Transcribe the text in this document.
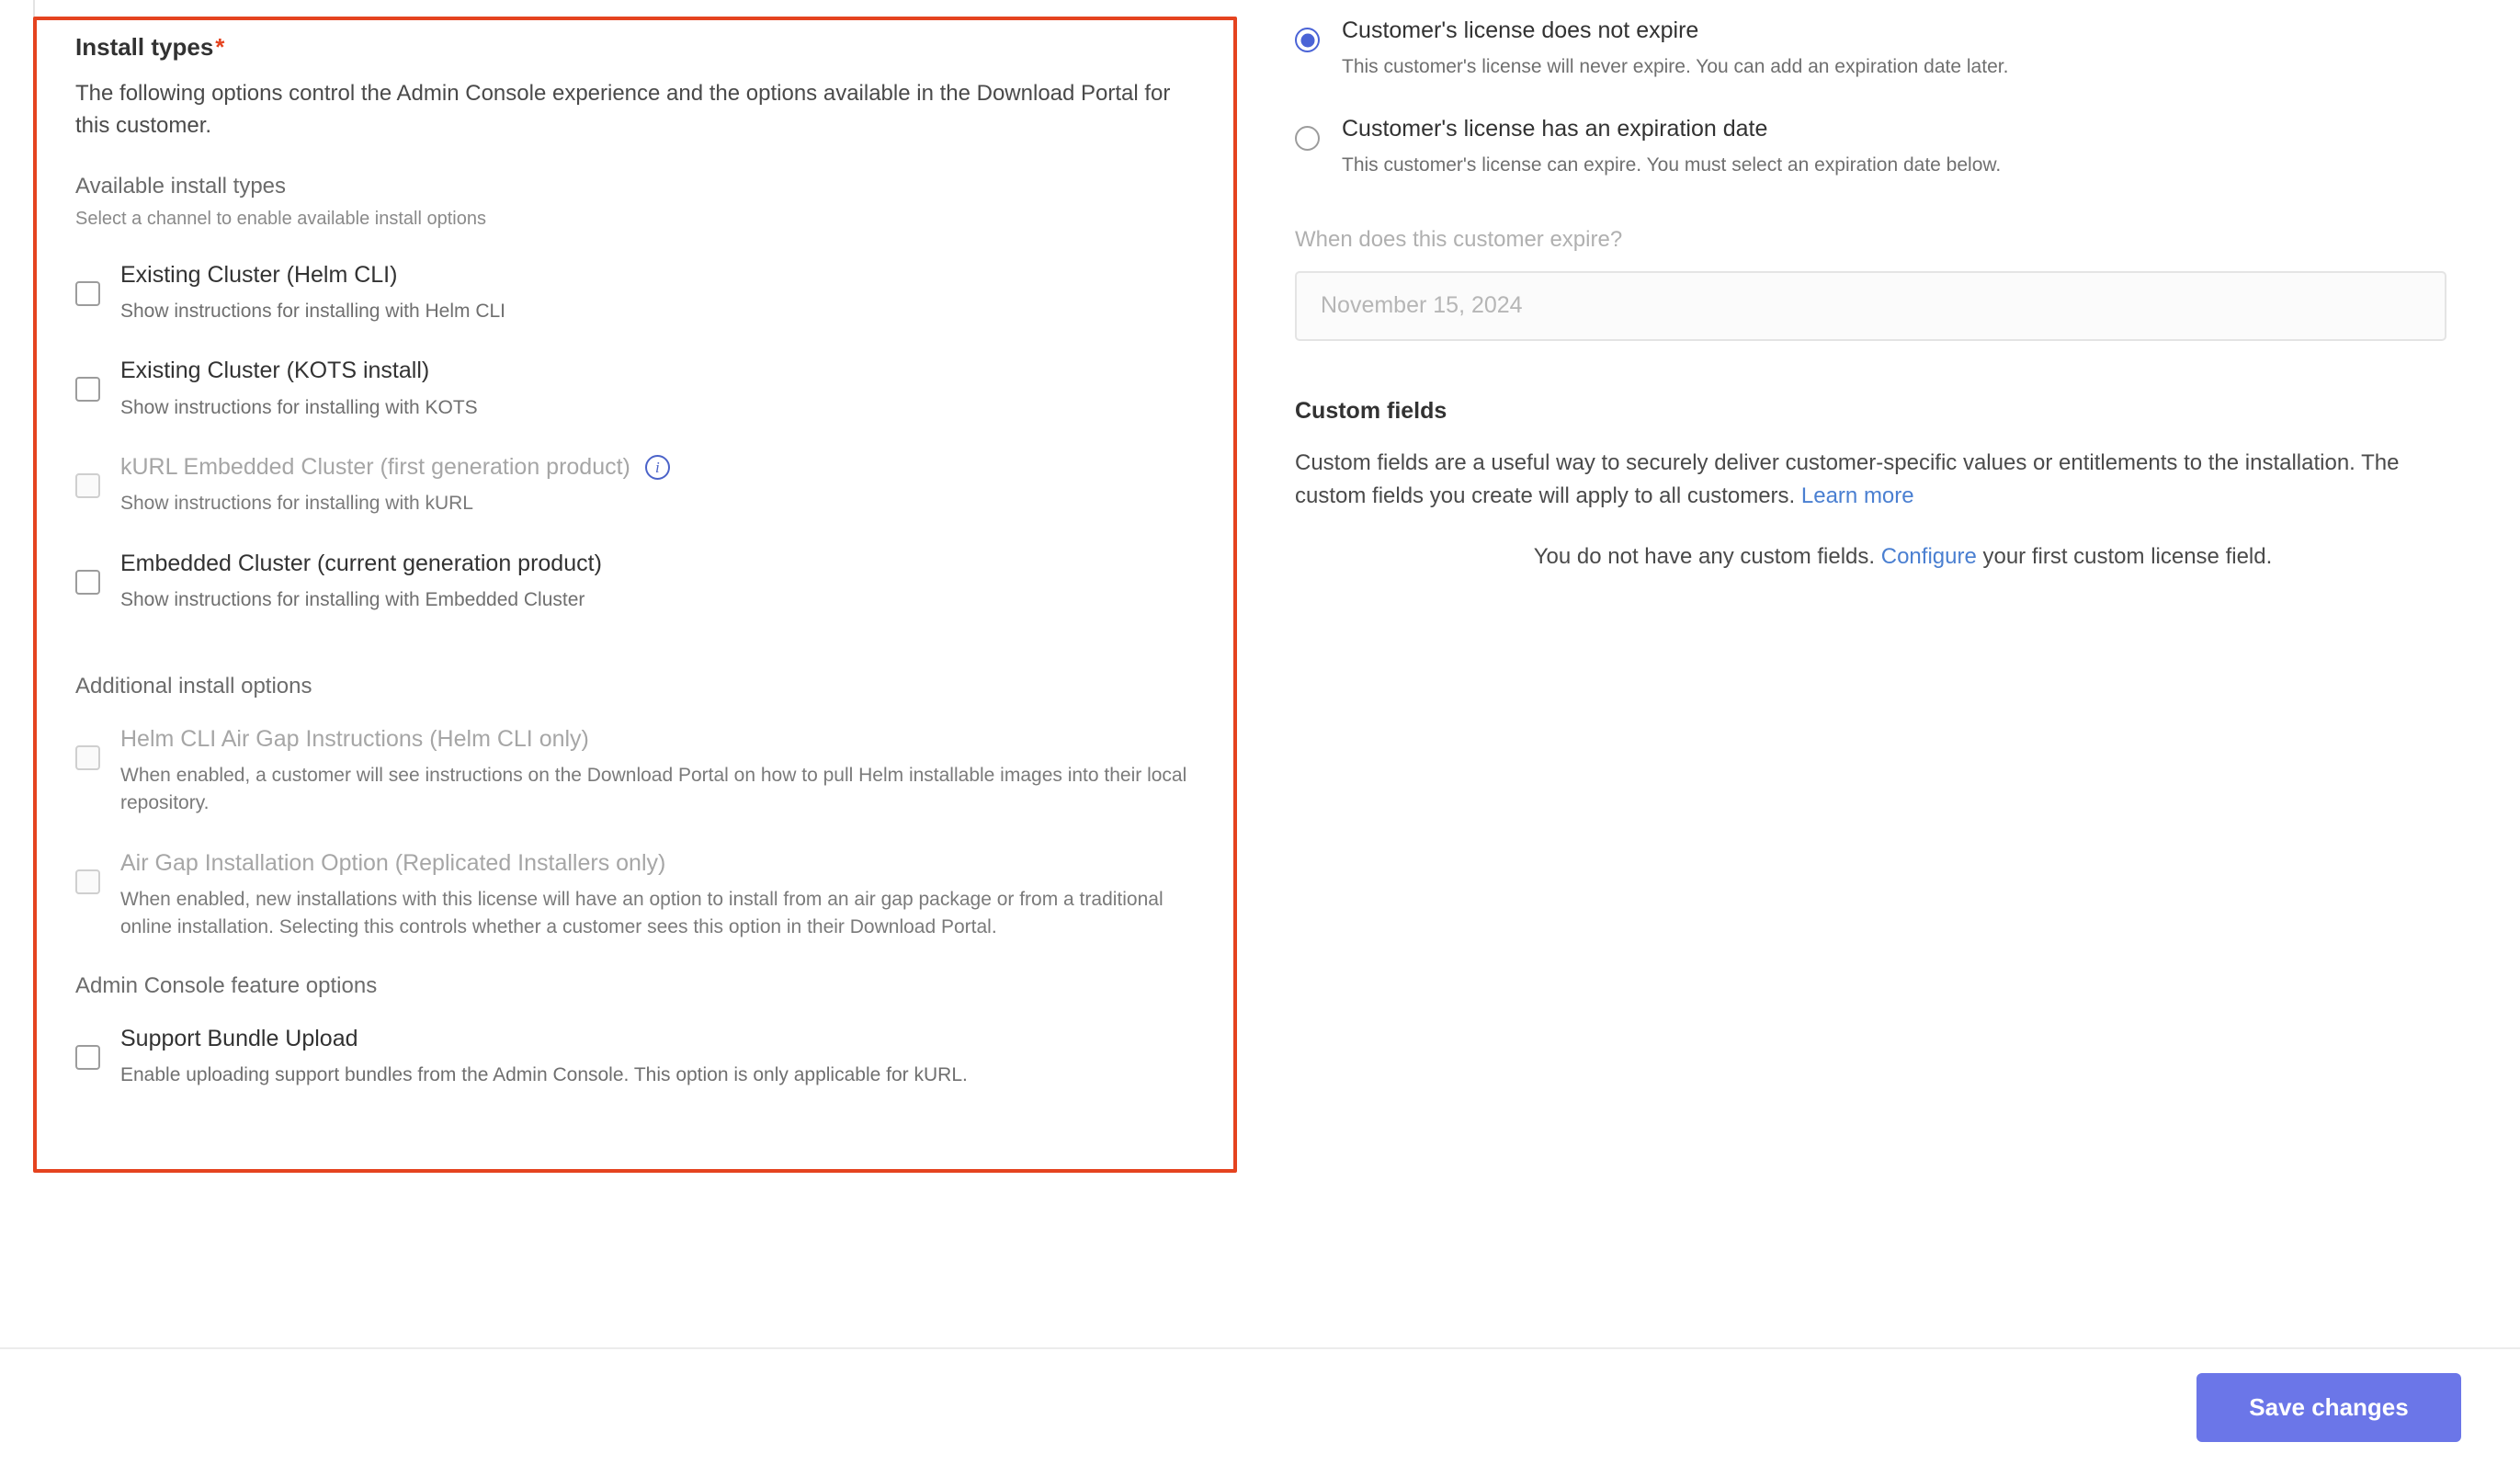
Install types*

The following options control the Admin Console experience and the options available in the Download Portal for this customer.

Available install types

Select a channel to enable available install options

Existing Cluster (Helm CLI)

Show instructions for installing with Helm CLI

Existing Cluster (KOTS install)

Show instructions for installing with KOTS

kURL Embedded Cluster (first generation product)	i

Show instructions for installing with kURL

Embedded Cluster (current generation product)

Show instructions for installing with Embedded Cluster

Additional install options

Helm CLI Air Gap Instructions (Helm CLI only)

When enabled, a customer will see instructions on the Download Portal on how to pull Helm installable images into their local repository.

Air Gap Installation Option (Replicated Installers only)

When enabled, new installations with this license will have an option to install from an air gap package or from a traditional online installation. Selecting this controls whether a customer sees this option in their Download Portal.

Admin Console feature options

Support Bundle Upload

Enable uploading support bundles from the Admin Console. This option is only applicable for kURL.

Customer's license does not expire

This customer's license will never expire. You can add an expiration date later.

Customer's license has an expiration date

This customer's license can expire. You must select an expiration date below.

When does this customer expire?

November 15, 2024

Custom fields

Custom fields are a useful way to securely deliver customer-specific values or entitlements to the installation. The custom fields you create will apply to all customers. Learn more

You do not have any custom fields. Configure your first custom license field.

Save changes
